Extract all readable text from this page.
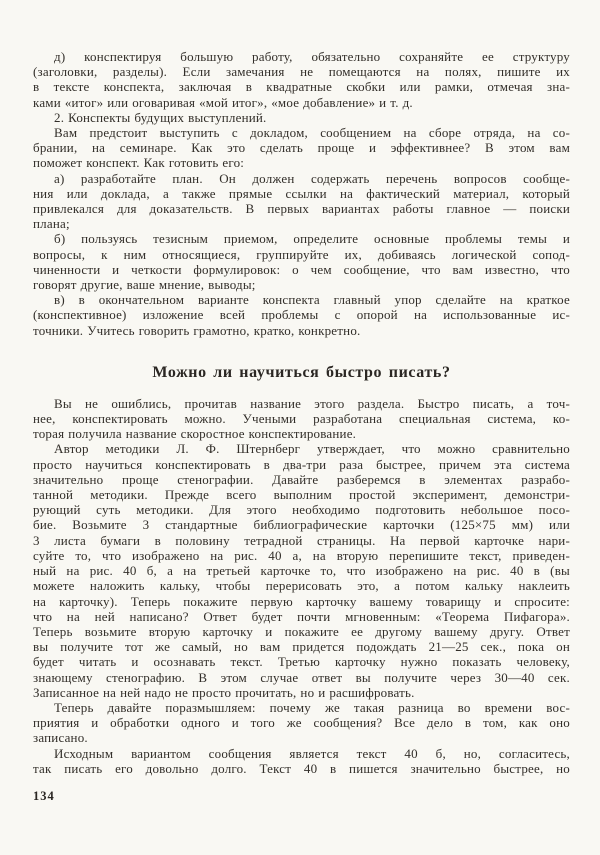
д) конспектируя большую работу, обязательно сохраняйте ее структуру
(заголовки, разделы). Если замечания не помещаются на полях, пишите их
в тексте конспекта, заключая в квадратные скобки или рамки, отмечая зна-
ками «итог» или оговаривая «мой итог», «мое добавление» и т. д.
2. Конспекты будущих выступлений.
Вам предстоит выступить с докладом, сообщением на сборе отряда, на со-
брании, на семинаре. Как это сделать проще и эффективнее? В этом вам
поможет конспект. Как готовить его:
а) разработайте план. Он должен содержать перечень вопросов сообще-
ния или доклада, а также прямые ссылки на фактический материал, который
привлекался для доказательств. В первых вариантах работы главное — поиски
плана;
б) пользуясь тезисным приемом, определите основные проблемы темы и
вопросы, к ним относящиеся, группируйте их, добиваясь логической сопод-
чиненности и четкости формулировок: о чем сообщение, что вам известно, что
говорят другие, ваше мнение, выводы;
в) в окончательном варианте конспекта главный упор сделайте на краткое
(конспективное) изложение всей проблемы с опорой на использованные ис-
точники. Учитесь говорить грамотно, кратко, конкретно.
Можно ли научиться быстро писать?
Вы не ошиблись, прочитав название этого раздела. Быстро писать, а точ-
нее, конспектировать можно. Учеными разработана специальная система, ко-
торая получила название скоростное конспектирование.
Автор методики Л. Ф. Штернберг утверждает, что можно сравнительно
просто научиться конспектировать в два-три раза быстрее, причем эта система
значительно проще стенографии. Давайте разберемся в элементах разрабо-
танной методики. Прежде всего выполним простой эксперимент, демонстри-
рующий суть методики. Для этого необходимо подготовить небольшое посо-
бие. Возьмите 3 стандартные библиографические карточки (125×75 мм) или
3 листа бумаги в половину тетрадной страницы. На первой карточке нари-
суйте то, что изображено на рис. 40 а, на вторую перепишите текст, приведен-
ный на рис. 40 б, а на третьей карточке то, что изображено на рис. 40 в (вы
можете наложить кальку, чтобы перерисовать это, а потом кальку наклеить
на карточку). Теперь покажите первую карточку вашему товарищу и спросите:
что на ней написано? Ответ будет почти мгновенным: «Теорема Пифагора».
Теперь возьмите вторую карточку и покажите ее другому вашему другу. Ответ
вы получите тот же самый, но вам придется подождать 21—25 сек., пока он
будет читать и осознавать текст. Третью карточку нужно показать человеку,
знающему стенографию. В этом случае ответ вы получите через 30—40 сек.
Записанное на ней надо не просто прочитать, но и расшифровать.
Теперь давайте поразмышляем: почему же такая разница во времени вос-
приятия и обработки одного и того же сообщения? Все дело в том, как оно
записано.
Исходным вариантом сообщения является текст 40 б, но, согласитесь,
так писать его довольно долго. Текст 40 в пишется значительно быстрее, но
134
